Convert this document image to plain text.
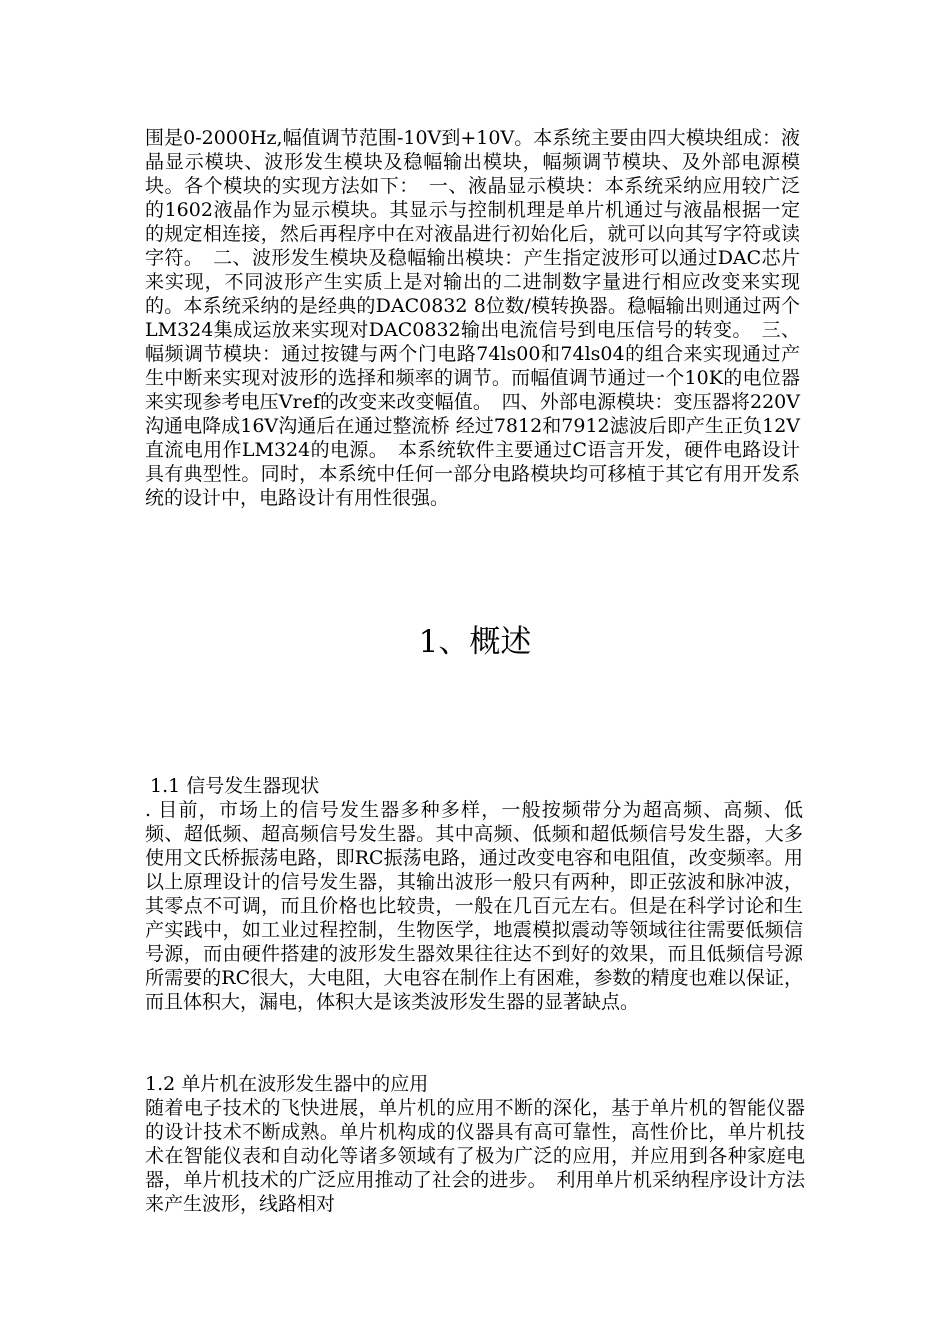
围是0-2000Hz,幅值调节范围-10V到+10V。本系统主要由四大模块组成：液晶显示模块、波形发生模块及稳幅输出模块，幅频调节模块、及外部电源模块。各个模块的实现方法如下：　一、液晶显示模块：本系统采纳应用较广泛的1602液晶作为显示模块。其显示与控制机理是单片机通过与液晶根据一定的规定相连接，然后再程序中在对液晶进行初始化后，就可以向其写字符或读字符。　二、波形发生模块及稳幅输出模块：产生指定波形可以通过DAC芯片来实现，不同波形产生实质上是对输出的二进制数字量进行相应改变来实现的。本系统采纳的是经典的DAC0832 8位数/模转换器。稳幅输出则通过两个LM324集成运放来实现对DAC0832输出电流信号到电压信号的转变。　三、幅频调节模块：通过按键与两个门电路74ls00和74ls04的组合来实现通过产生中断来实现对波形的选择和频率的调节。而幅值调节通过一个10K的电位器来实现参考电压Vref的改变来改变幅值。　四、外部电源模块：变压器将220V沟通电降成16V沟通后在通过整流桥 经过7812和7912滤波后即产生正负12V直流电用作LM324的电源。　本系统软件主要通过C语言开发，硬件电路设计具有典型性。同时，本系统中任何一部分电路模块均可移植于其它有用开发系统的设计中，电路设计有用性很强。

1、概述
1.1 信号发生器现状

. 目前，市场上的信号发生器多种多样，一般按频带分为超高频、高频、低频、超低频、超高频信号发生器。其中高频、低频和超低频信号发生器，大多使用文氏桥振荡电路，即RC振荡电路，通过改变电容和电阻值，改变频率。用以上原理设计的信号发生器，其输出波形一般只有两种，即正弦波和脉冲波，其零点不可调，而且价格也比较贵，一般在几百元左右。但是在科学讨论和生产实践中，如工业过程控制，生物医学，地震模拟震动等领域往往需要低频信号源，而由硬件搭建的波形发生器效果往往达不到好的效果，而且低频信号源所需要的RC很大，大电阻，大电容在制作上有困难，参数的精度也难以保证，而且体积大，漏电，体积大是该类波形发生器的显著缺点。

1.2 单片机在波形发生器中的应用

随着电子技术的飞快进展，单片机的应用不断的深化，基于单片机的智能仪器的设计技术不断成熟。单片机构成的仪器具有高可靠性，高性价比，单片机技术在智能仪表和自动化等诸多领域有了极为广泛的应用，并应用到各种家庭电器，单片机技术的广泛应用推动了社会的进步。　利用单片机采纳程序设计方法来产生波形，线路相对
